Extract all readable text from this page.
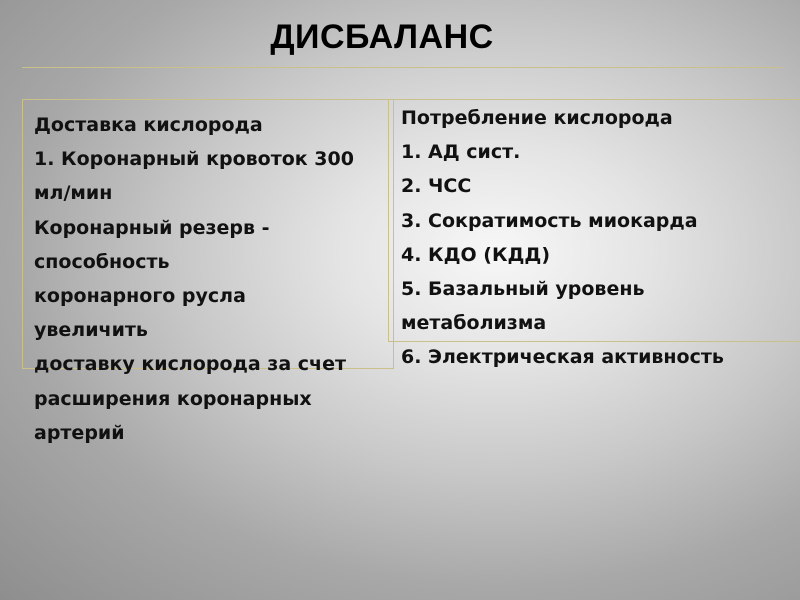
ДИСБАЛАНС
Доставка кислорода
1. Коронарный кровоток 300
мл/мин
Коронарный резерв -
способность
коронарного русла
увеличить
доставку кислорода за счет
расширения коронарных
артерий
Потребление кислорода
1. АД сист.
2. ЧСС
3. Сократимость миокарда
4. КДО (КДД)
5. Базальный уровень
метаболизма
6. Электрическая активность
